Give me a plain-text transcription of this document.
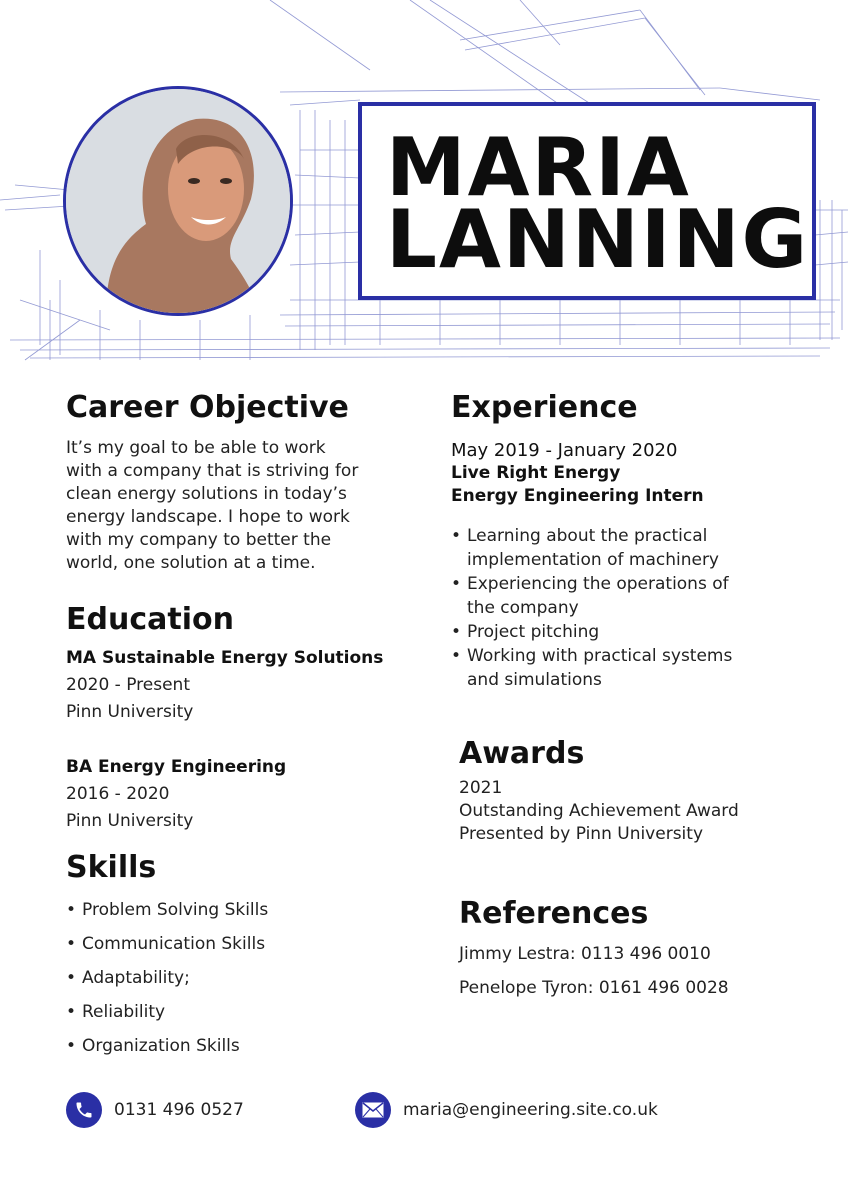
MARIA
LANNING
Career Objective
It’s my goal to be able to work
with a company that is striving for
clean energy solutions in today’s
energy landscape. I hope to work
with my company to better the
world, one solution at a time.
Education
MA Sustainable Energy Solutions
2020 - Present
Pinn University
BA Energy Engineering
2016 - 2020
Pinn University
Skills
• Problem Solving Skills
• Communication Skills
• Adaptability;
• Reliability
• Organization Skills
Experience
May 2019 - January 2020
Live Right Energy
Energy Engineering Intern
• Learning about the practical
implementation of machinery
• Experiencing the operations of
the company
• Project pitching
• Working with practical systems
and simulations
Awards
2021
Outstanding Achievement Award
Presented by Pinn University
References
Jimmy Lestra: 0113 496 0010
Penelope Tyron: 0161 496 0028
0131 496 0527	maria@engineering.site.co.uk
